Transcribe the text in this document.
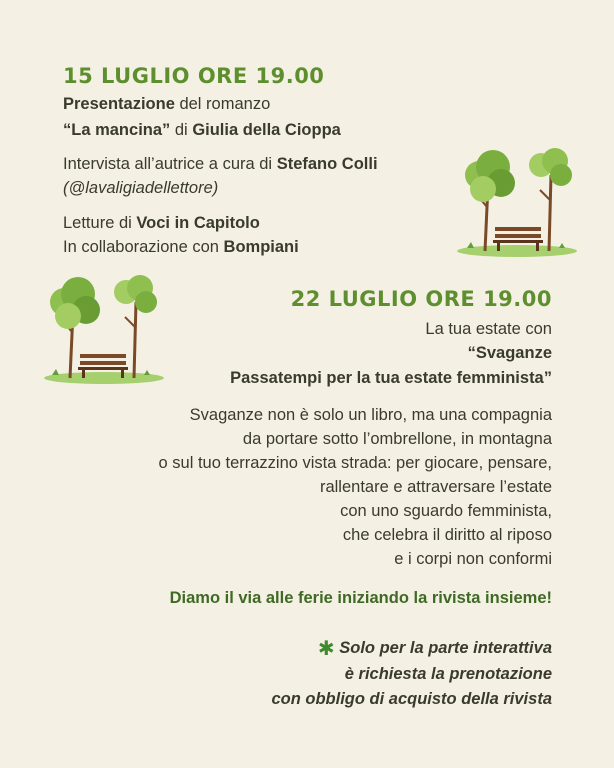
15 LUGLIO ORE 19.00
Presentazione del romanzo
“La mancina” di Giulia della Cioppa
Intervista all’autrice a cura di Stefano Colli
(@lavaligiadellettore)
Letture di Voci in Capitolo
In collaborazione con Bompiani
22 LUGLIO ORE 19.00
La tua estate con
“Svaganze
Passatempi per la tua estate femminista”
Svaganze non è solo un libro, ma una compagnia
da portare sotto l’ombrellone, in montagna
o sul tuo terrazzino vista strada: per giocare, pensare,
rallentare e attraversare l’estate
con uno sguardo femminista,
che celebra il diritto al riposo
e i corpi non conformi
Diamo il via alle ferie iniziando la rivista insieme!
✱ Solo per la parte interattiva
è richiesta la prenotazione
con obbligo di acquisto della rivista
